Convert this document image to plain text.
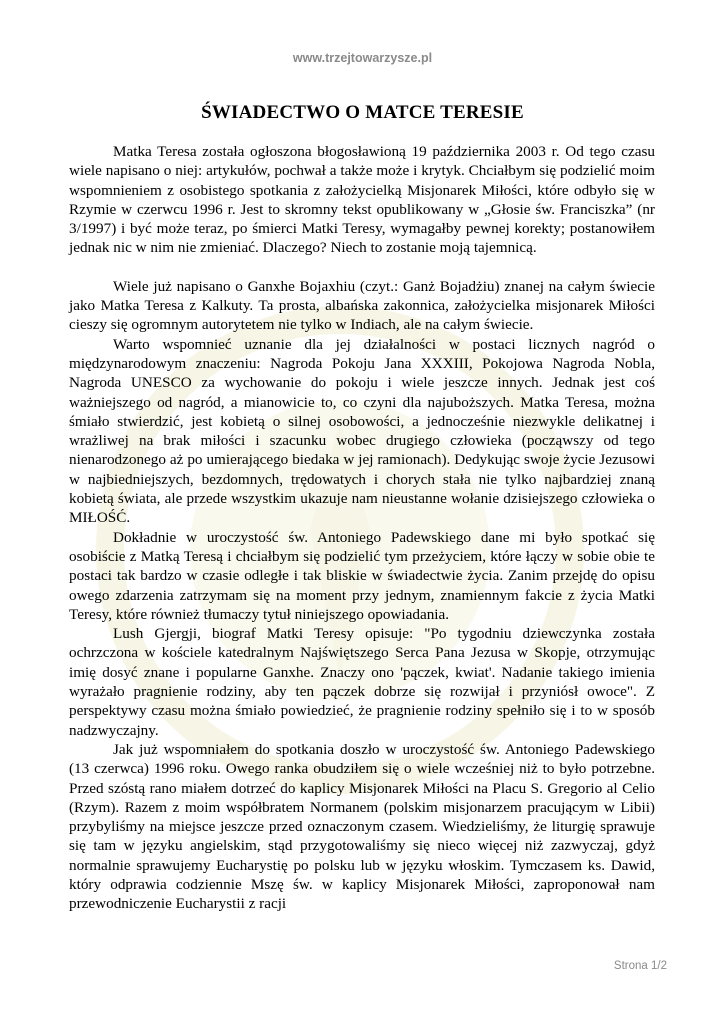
www.trzejtowarzysze.pl
ŚWIADECTWO O MATCE TERESIE

Matka Teresa została ogłoszona błogosławioną 19 października 2003 r. Od tego czasu wiele napisano o niej: artykułów, pochwał a także może i krytyk. Chciałbym się podzielić moim wspomnieniem z osobistego spotkania z założycielką Misjonarek Miłości, które odbyło się w Rzymie w czerwcu 1996 r. Jest to skromny tekst opublikowany w „Głosie św. Franciszka” (nr 3/1997) i być może teraz, po śmierci Matki Teresy, wymagałby pewnej korekty; postanowiłem jednak nic w nim nie zmieniać. Dlaczego? Niech to zostanie moją tajemnicą.

Wiele już napisano o Ganxhe Bojaxhiu (czyt.: Ganż Bojadżiu) znanej na całym świecie jako Matka Teresa z Kalkuty. Ta prosta, albańska zakonnica, założycielka misjonarek Miłości cieszy się ogromnym autorytetem nie tylko w Indiach, ale na całym świecie.

Warto wspomnieć uznanie dla jej działalności w postaci licznych nagród o międzynarodowym znaczeniu: Nagroda Pokoju Jana XXXIII, Pokojowa Nagroda Nobla, Nagroda UNESCO za wychowanie do pokoju i wiele jeszcze innych. Jednak jest coś ważniejszego od nagród, a mianowicie to, co czyni dla najuboższych. Matka Teresa, można śmiało stwierdzić, jest kobietą o silnej osobowości, a jednocześnie niezwykle delikatnej i wrażliwej na brak miłości i szacunku wobec drugiego człowieka (począwszy od tego nienarodzonego aż po umierającego biedaka w jej ramionach). Dedykując swoje życie Jezusowi w najbiedniejszych, bezdomnych, trędowatych i chorych stała nie tylko najbardziej znaną kobietą świata, ale przede wszystkim ukazuje nam nieustanne wołanie dzisiejszego człowieka o MIŁOŚĆ.

Dokładnie w uroczystość św. Antoniego Padewskiego dane mi było spotkać się osobiście z Matką Teresą i chciałbym się podzielić tym przeżyciem, które łączy w sobie obie te postaci tak bardzo w czasie odległe i tak bliskie w świadectwie życia. Zanim przejdę do opisu owego zdarzenia zatrzymam się na moment przy jednym, znamiennym fakcie z życia Matki Teresy, które również tłumaczy tytuł niniejszego opowiadania.

Lush Gjergji, biograf Matki Teresy opisuje: "Po tygodniu dziewczynka została ochrzczona w kościele katedralnym Najświętszego Serca Pana Jezusa w Skopje, otrzymując imię dosyć znane i popularne Ganxhe. Znaczy ono 'pączek, kwiat'. Nadanie takiego imienia wyrażało pragnienie rodziny, aby ten pączek dobrze się rozwijał i przyniósł owoce". Z perspektywy czasu można śmiało powiedzieć, że pragnienie rodziny spełniło się i to w sposób nadzwyczajny.

Jak już wspomniałem do spotkania doszło w uroczystość św. Antoniego Padewskiego (13 czerwca) 1996 roku. Owego ranka obudziłem się o wiele wcześniej niż to było potrzebne. Przed szóstą rano miałem dotrzeć do kaplicy Misjonarek Miłości na Placu S. Gregorio al Celio (Rzym). Razem z moim współbratem Normanem (polskim misjonarzem pracującym w Libii) przybyliśmy na miejsce jeszcze przed oznaczonym czasem. Wiedzieliśmy, że liturgię sprawuje się tam w języku angielskim, stąd przygotowaliśmy się nieco więcej niż zazwyczaj, gdyż normalnie sprawujemy Eucharystię po polsku lub w języku włoskim. Tymczasem ks. Dawid, który odprawia codziennie Mszę św. w kaplicy Misjonarek Miłości, zaproponował nam przewodniczenie Eucharystii z racji

Strona 1/2
